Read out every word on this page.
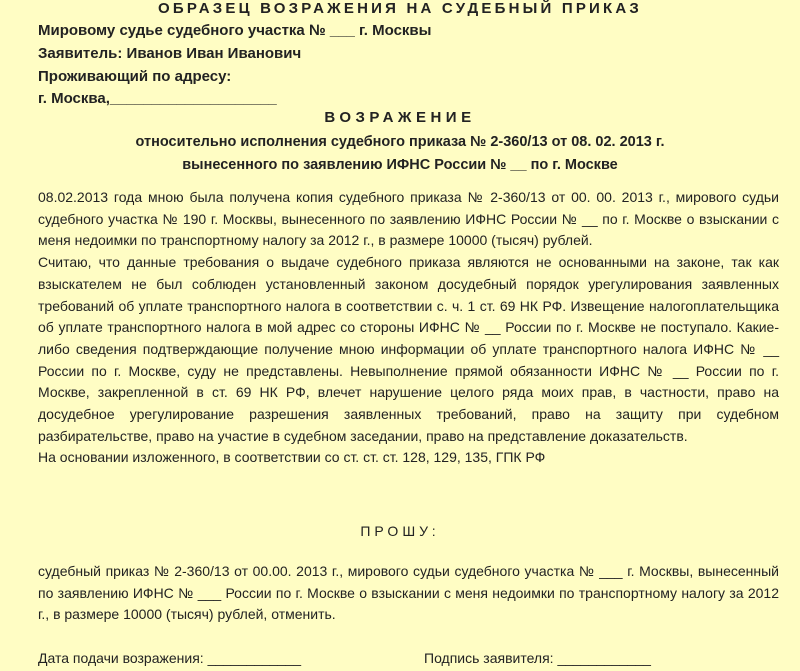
ОБРАЗЕЦ ВОЗРАЖЕНИЯ НА СУДЕБНЫЙ ПРИКАЗ
Мировому судье судебного участка № ___ г. Москвы
Заявитель: Иванов Иван Иванович
Проживающий по адресу:
г. Москва,____________________
ВОЗРАЖЕНИЕ
относительно исполнения судебного приказа № 2-360/13 от 08. 02. 2013 г.
вынесенного по заявлению ИФНС России № __ по г. Москве

08.02.2013 года мною была получена копия судебного приказа № 2-360/13 от 00. 00. 2013 г., мирового судьи судебного участка № 190 г. Москвы, вынесенного по заявлению ИФНС России № __ по г. Москве о взыскании с меня недоимки по транспортному налогу за 2012 г., в размере 10000 (тысяч) рублей.

Считаю, что данные требования о выдаче судебного приказа являются не основанными на законе, так как взыскателем не был соблюден установленный законом досудебный порядок урегулирования заявленных требований об уплате транспортного налога в соответствии с. ч. 1 ст. 69 НК РФ. Извещение налогоплательщика об уплате транспортного налога в мой адрес со стороны ИФНС № __ России по г. Москве не поступало. Какие-либо сведения подтверждающие получение мною информации об уплате транспортного налога ИФНС № __ России по г. Москве, суду не представлены. Невыполнение прямой обязанности ИФНС № __ России по г. Москве, закрепленной в ст. 69 НК РФ, влечет нарушение целого ряда моих прав, в частности, право на досудебное урегулирование разрешения заявленных требований, право на защиту при судебном разбирательстве, право на участие в судебном заседании, право на представление доказательств.

На основании изложенного, в соответствии со ст. ст. ст. 128, 129, 135, ГПК РФ

ПРОШУ:

судебный приказ № 2-360/13 от 00.00. 2013 г., мирового судьи судебного участка № ___ г. Москвы, вынесенный по заявлению ИФНС № ___ России по г. Москве о взыскании с меня недоимки по транспортному налогу за 2012 г., в размере 10000 (тысяч) рублей, отменить.

Дата подачи возражения: ____________	Подпись заявителя: ____________
